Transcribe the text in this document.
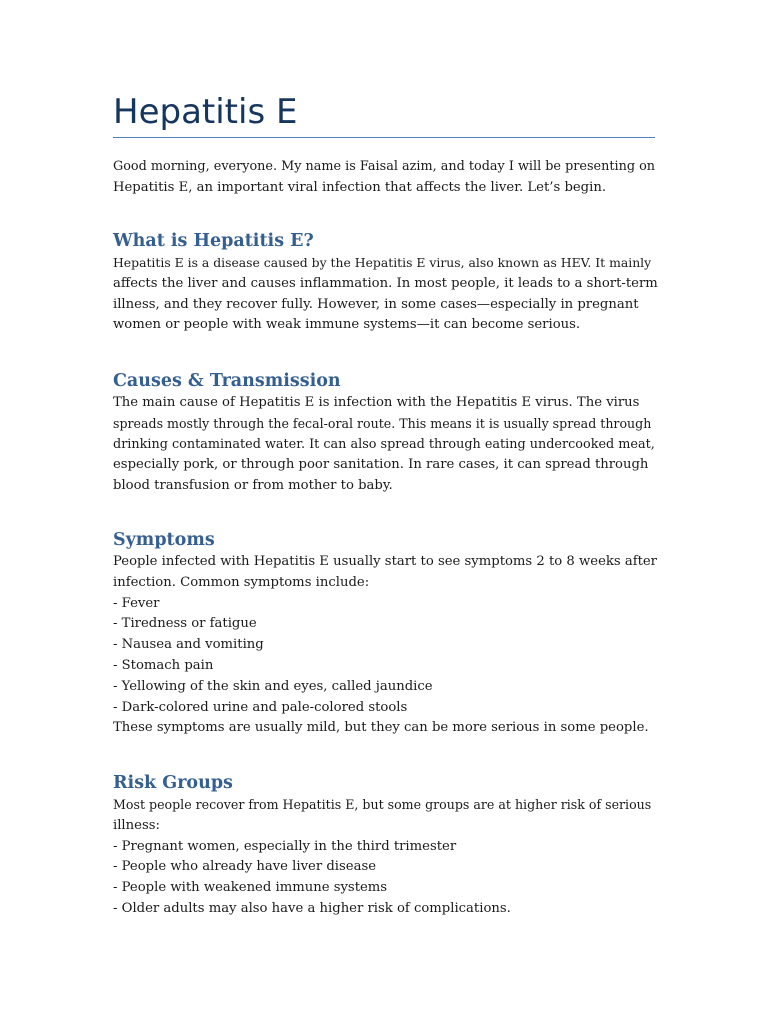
Hepatitis E

Good morning, everyone. My name is Faisal azim, and today I will be presenting on
Hepatitis E, an important viral infection that affects the liver. Let’s begin.

What is Hepatitis E?

Hepatitis E is a disease caused by the Hepatitis E virus, also known as HEV. It mainly
affects the liver and causes inflammation. In most people, it leads to a short-term
illness, and they recover fully. However, in some cases—especially in pregnant
women or people with weak immune systems—it can become serious.

Causes & Transmission

The main cause of Hepatitis E is infection with the Hepatitis E virus. The virus
spreads mostly through the fecal-oral route. This means it is usually spread through
drinking contaminated water. It can also spread through eating undercooked meat,
especially pork, or through poor sanitation. In rare cases, it can spread through
blood transfusion or from mother to baby.

Symptoms

People infected with Hepatitis E usually start to see symptoms 2 to 8 weeks after
infection. Common symptoms include:
- Fever
- Tiredness or fatigue
- Nausea and vomiting
- Stomach pain
- Yellowing of the skin and eyes, called jaundice
- Dark-colored urine and pale-colored stools
These symptoms are usually mild, but they can be more serious in some people.

Risk Groups

Most people recover from Hepatitis E, but some groups are at higher risk of serious
illness:
- Pregnant women, especially in the third trimester
- People who already have liver disease
- People with weakened immune systems
- Older adults may also have a higher risk of complications.
